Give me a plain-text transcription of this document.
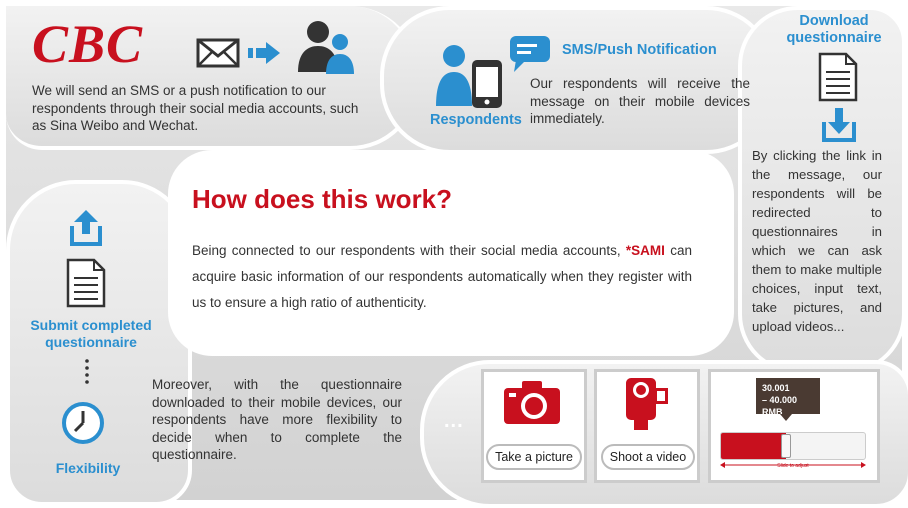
CBC
We will send an SMS or a push notification to our respondents through their social media accounts, such as Sina Weibo and Wechat.
SMS/Push Notification
Respondents
Our respondents will receive the message on their mobile devices immediately.
Download questionnaire
By clicking the link in the message, our respondents will be redirected to questionnaires in which we can ask them to make multiple choices, input text, take pictures, and upload videos...
How does this work?
Being connected to our respondents with their social media accounts, *SAMI can acquire basic information of our respondents automatically when they register with us to ensure a high ratio of authenticity.
Submit completed questionnaire
Flexibility
Moreover, with the questionnaire downloaded to their mobile devices, our respondents have more flexibility to decide when to complete the questionnaire.
...
Take a picture	Shoot a video
30.001
– 40.000 RMB
Slide to adjust
